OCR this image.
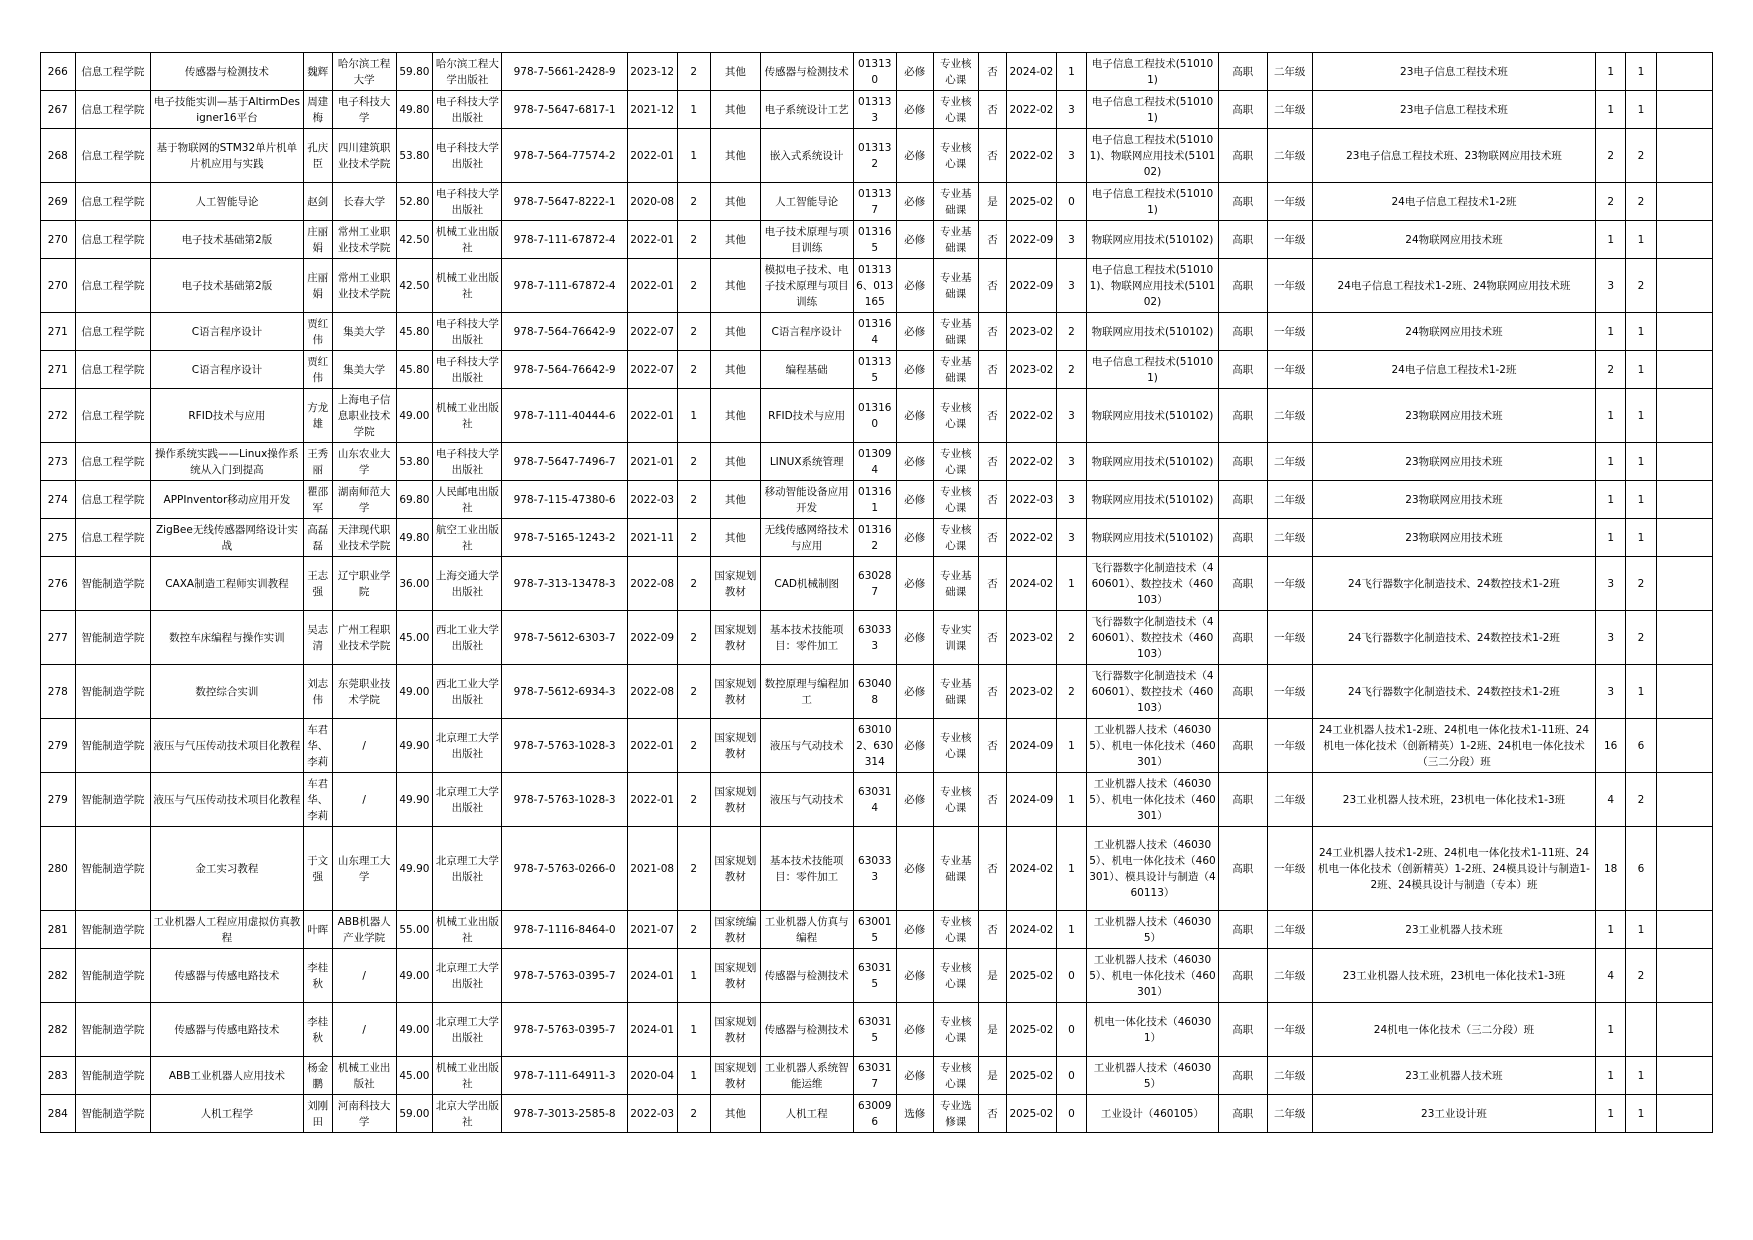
266	信息工程学院	传感器与检测技术	魏辉	哈尔滨工程大学	59.80	哈尔滨工程大学出版社	978-7-5661-2428-9	2023-12	2	其他	传感器与检测技术	013130	必修	专业核心课	否	2024-02	1	电子信息工程技术(510101)	高职	二年级	23电子信息工程技术班	1	1	
267	信息工程学院	电子技能实训—基于AltirmDesigner16平台	周建梅	电子科技大学	49.80	电子科技大学出版社	978-7-5647-6817-1	2021-12	1	其他	电子系统设计工艺	013133	必修	专业核心课	否	2022-02	3	电子信息工程技术(510101)	高职	二年级	23电子信息工程技术班	1	1	
268	信息工程学院	基于物联网的STM32单片机单片机应用与实践	孔庆臣	四川建筑职业技术学院	53.80	电子科技大学出版社	978-7-564-77574-2	2022-01	1	其他	嵌入式系统设计	013132	必修	专业核心课	否	2022-02	3	电子信息工程技术(510101)、物联网应用技术(510102)	高职	二年级	23电子信息工程技术班、23物联网应用技术班	2	2	
269	信息工程学院	人工智能导论	赵剑	长春大学	52.80	电子科技大学出版社	978-7-5647-8222-1	2020-08	2	其他	人工智能导论	013137	必修	专业基础课	是	2025-02	0	电子信息工程技术(510101)	高职	一年级	24电子信息工程技术1-2班	2	2	
270	信息工程学院	电子技术基础第2版	庄丽娟	常州工业职业技术学院	42.50	机械工业出版社	978-7-111-67872-4	2022-01	2	其他	电子技术原理与项目训练	013165	必修	专业基础课	否	2022-09	3	物联网应用技术(510102)	高职	一年级	24物联网应用技术班	1	1	
270	信息工程学院	电子技术基础第2版	庄丽娟	常州工业职业技术学院	42.50	机械工业出版社	978-7-111-67872-4	2022-01	2	其他	模拟电子技术、电子技术原理与项目训练	013136、013165	必修	专业基础课	否	2022-09	3	电子信息工程技术(510101)、物联网应用技术(510102)	高职	一年级	24电子信息工程技术1-2班、24物联网应用技术班	3	2	
271	信息工程学院	C语言程序设计	贾红伟	集美大学	45.80	电子科技大学出版社	978-7-564-76642-9	2022-07	2	其他	C语言程序设计	013164	必修	专业基础课	否	2023-02	2	物联网应用技术(510102)	高职	一年级	24物联网应用技术班	1	1	
271	信息工程学院	C语言程序设计	贾红伟	集美大学	45.80	电子科技大学出版社	978-7-564-76642-9	2022-07	2	其他	编程基础	013135	必修	专业基础课	否	2023-02	2	电子信息工程技术(510101)	高职	一年级	24电子信息工程技术1-2班	2	1	
272	信息工程学院	RFID技术与应用	方龙雄	上海电子信息职业技术学院	49.00	机械工业出版社	978-7-111-40444-6	2022-01	1	其他	RFID技术与应用	013160	必修	专业核心课	否	2022-02	3	物联网应用技术(510102)	高职	二年级	23物联网应用技术班	1	1	
273	信息工程学院	操作系统实践——Linux操作系统从入门到提高	王秀丽	山东农业大学	53.80	电子科技大学出版社	978-7-5647-7496-7	2021-01	2	其他	LINUX系统管理	013094	必修	专业核心课	否	2022-02	3	物联网应用技术(510102)	高职	二年级	23物联网应用技术班	1	1	
274	信息工程学院	APPInventor移动应用开发	瞿邵军	湖南师范大学	69.80	人民邮电出版社	978-7-115-47380-6	2022-03	2	其他	移动智能设备应用开发	013161	必修	专业核心课	否	2022-03	3	物联网应用技术(510102)	高职	二年级	23物联网应用技术班	1	1	
275	信息工程学院	ZigBee无线传感器网络设计实战	高磊磊	天津现代职业技术学院	49.80	航空工业出版社	978-7-5165-1243-2	2021-11	2	其他	无线传感网络技术与应用	013162	必修	专业核心课	否	2022-02	3	物联网应用技术(510102)	高职	二年级	23物联网应用技术班	1	1	
276	智能制造学院	CAXA制造工程师实训教程	王志强	辽宁职业学院	36.00	上海交通大学出版社	978-7-313-13478-3	2022-08	2	国家规划教材	CAD机械制图	630287	必修	专业基础课	否	2024-02	1	飞行器数字化制造技术（460601）、数控技术（460103）	高职	一年级	24飞行器数字化制造技术、24数控技术1-2班	3	2	
277	智能制造学院	数控车床编程与操作实训	吴志清	广州工程职业技术学院	45.00	西北工业大学出版社	978-7-5612-6303-7	2022-09	2	国家规划教材	基本技术技能项目：零件加工	630333	必修	专业实训课	否	2023-02	2	飞行器数字化制造技术（460601）、数控技术（460103）	高职	一年级	24飞行器数字化制造技术、24数控技术1-2班	3	2	
278	智能制造学院	数控综合实训	刘志伟	东莞职业技术学院	49.00	西北工业大学出版社	978-7-5612-6934-3	2022-08	2	国家规划教材	数控原理与编程加工	630408	必修	专业基础课	否	2023-02	2	飞行器数字化制造技术（460601）、数控技术（460103）	高职	一年级	24飞行器数字化制造技术、24数控技术1-2班	3	1	
279	智能制造学院	液压与气压传动技术项目化教程	车君华、李莉	/	49.90	北京理工大学出版社	978-7-5763-1028-3	2022-01	2	国家规划教材	液压与气动技术	630102、630314	必修	专业核心课	否	2024-09	1	工业机器人技术（460305）、机电一体化技术（460301）	高职	一年级	24工业机器人技术1-2班、24机电一体化技术1-11班、24机电一体化技术（创新精英）1-2班、24机电一体化技术（三二分段）班	16	6	
279	智能制造学院	液压与气压传动技术项目化教程	车君华、李莉	/	49.90	北京理工大学出版社	978-7-5763-1028-3	2022-01	2	国家规划教材	液压与气动技术	630314	必修	专业核心课	否	2024-09	1	工业机器人技术（460305）、机电一体化技术（460301）	高职	二年级	23工业机器人技术班，23机电一体化技术1-3班	4	2	
280	智能制造学院	金工实习教程	于文强	山东理工大学	49.90	北京理工大学出版社	978-7-5763-0266-0	2021-08	2	国家规划教材	基本技术技能项目：零件加工	630333	必修	专业基础课	否	2024-02	1	工业机器人技术（460305）、机电一体化技术（460301）、模具设计与制造（460113）	高职	一年级	24工业机器人技术1-2班、24机电一体化技术1-11班、24机电一体化技术（创新精英）1-2班、24模具设计与制造1-2班、24模具设计与制造（专本）班	18	6	
281	智能制造学院	工业机器人工程应用虚拟仿真教程	叶晖	ABB机器人产业学院	55.00	机械工业出版社	978-7-1116-8464-0	2021-07	2	国家统编教材	工业机器人仿真与编程	630015	必修	专业核心课	否	2024-02	1	工业机器人技术（460305）	高职	二年级	23工业机器人技术班	1	1	
282	智能制造学院	传感器与传感电路技术	李桂秋	/	49.00	北京理工大学出版社	978-7-5763-0395-7	2024-01	1	国家规划教材	传感器与检测技术	630315	必修	专业核心课	是	2025-02	0	工业机器人技术（460305）、机电一体化技术（460301）	高职	二年级	23工业机器人技术班，23机电一体化技术1-3班	4	2	
282	智能制造学院	传感器与传感电路技术	李桂秋	/	49.00	北京理工大学出版社	978-7-5763-0395-7	2024-01	1	国家规划教材	传感器与检测技术	630315	必修	专业核心课	是	2025-02	0	机电一体化技术（460301）	高职	一年级	24机电一体化技术（三二分段）班	1		
283	智能制造学院	ABB工业机器人应用技术	杨金鹏	机械工业出版社	45.00	机械工业出版社	978-7-111-64911-3	2020-04	1	国家规划教材	工业机器人系统智能运维	630317	必修	专业核心课	是	2025-02	0	工业机器人技术（460305）	高职	二年级	23工业机器人技术班	1	1	
284	智能制造学院	人机工程学	刘刚田	河南科技大学	59.00	北京大学出版社	978-7-3013-2585-8	2022-03	2	其他	人机工程	630096	选修	专业选修课	否	2025-02	0	工业设计（460105）	高职	二年级	23工业设计班	1	1	
